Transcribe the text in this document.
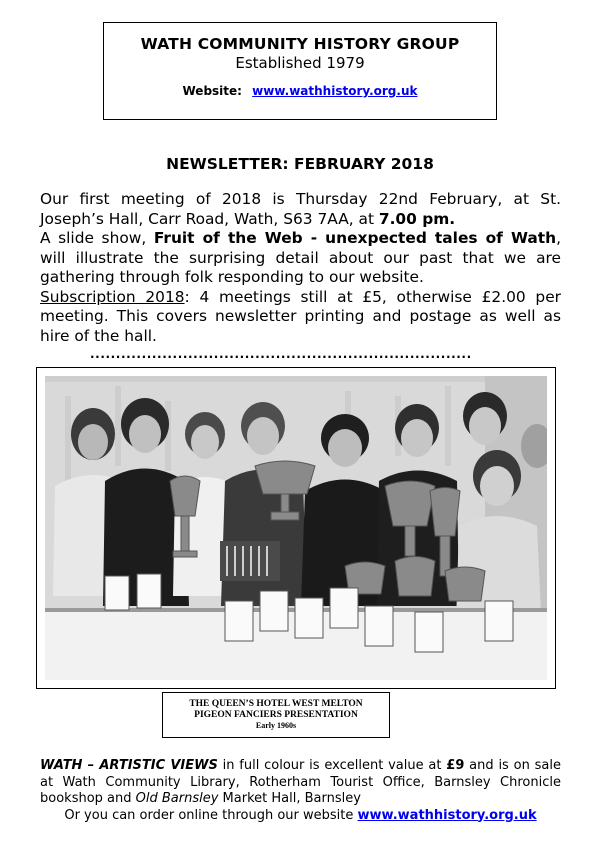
WATH COMMUNITY HISTORY GROUP
Established 1979
Website: www.wathhistory.org.uk
NEWSLETTER: FEBRUARY 2018

Our first meeting of 2018 is Thursday 22nd February, at St. Joseph’s Hall, Carr Road, Wath, S63 7AA, at 7.00 pm.

A slide show, Fruit of the Web - unexpected tales of Wath, will illustrate the surprising detail about our past that we are gathering through folk responding to our website.

Subscription 2018: 4 meetings still at £5, otherwise £2.00 per meeting. This covers newsletter printing and postage as well as hire of the hall.

..........................................................................
THE QUEEN’S HOTEL WEST MELTON
PIGEON FANCIERS PRESENTATION
Early 1960s

WATH – ARTISTIC VIEWS in full colour is excellent value at £9 and is on sale at Wath Community Library, Rotherham Tourist Office, Barnsley Chronicle bookshop and Old Barnsley Market Hall, Barnsley

Or you can order online through our website www.wathhistory.org.uk
